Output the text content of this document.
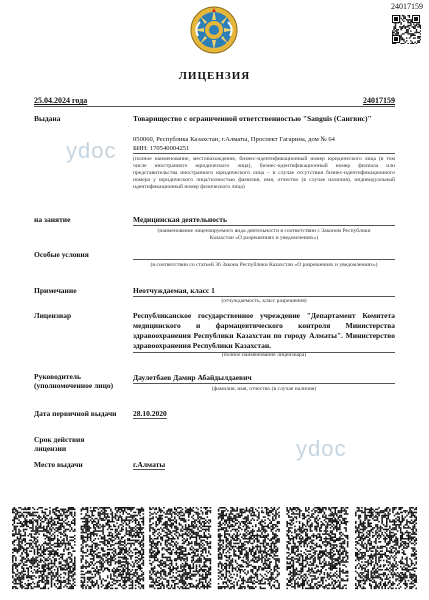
24017159
ЛИЦЕНЗИЯ
25.04.2024 года	24017159
Выдана	Товарищество с ограниченной ответственностью "Sanguis (Сангвис)"
050060, Республика Казахстан, г.Алматы, Проспект Гагарина, дом № 64
БИН: 170540004251
(полное наименование, местонахождение, бизнес-идентификационный номер юридического лица (в том числе иностранного юридического лица), бизнес-идентификационный номер филиала или представительства иностранного юридического лица – в случае отсутствия бизнес-идентификационного номера у юридического лица/полностью фамилия, имя, отчество (в случае наличия), индивидуальный идентификационный номер физического лица)
на занятие	Медицинская деятельность
(наименование лицензируемого вида деятельности в соответствии с Законом Республики Казахстан «О разрешениях и уведомлениях»)
Особые условия
(в соответствии со статьей 36 Закона Республики Казахстан «О разрешениях и уведомлениях»)
Примечание	Неотчуждаемая, класс 1
(отчуждаемость, класс разрешения)
Лицензиар	Республиканское государственное учреждение "Департамент Комитета медицинского и фармацевтического контроля Министерства здравоохранения Республики Казахстан по городу Алматы". Министерство здравоохранения Республики Казахстан.
(полное наименование лицензиара)
Руководитель
(уполномоченное лицо)
Даулетбаев Дамир Абайдылдаевич
(фамилия, имя, отчество (в случае наличия)
Дата первичной выдачи 28.10.2020
Срок действия
лицензии
Место выдачи	г.Алматы
ydoc
ydoc
